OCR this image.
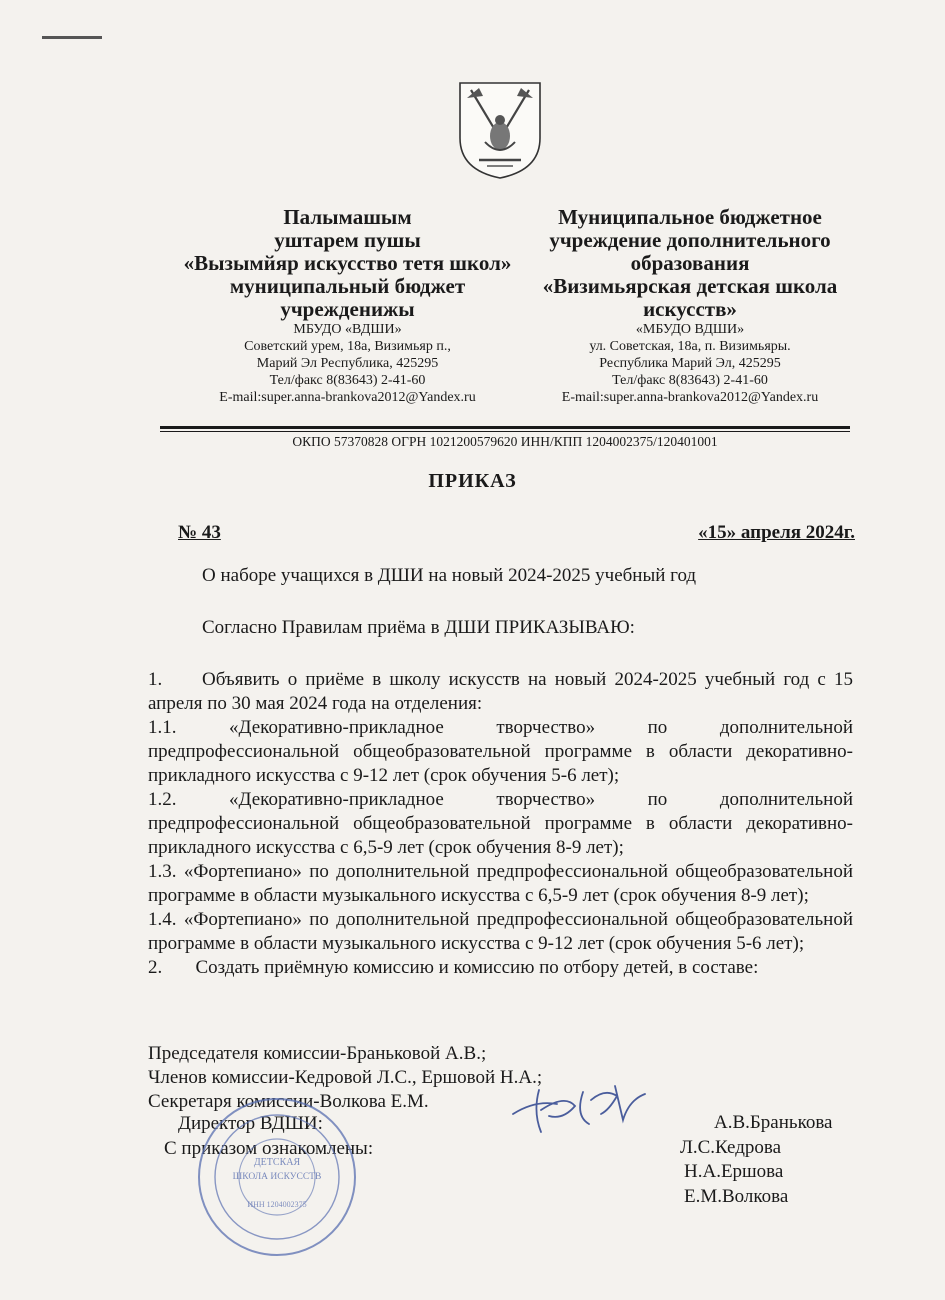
Палымашым

уштарем пушы

«Вызымйяр искусство тетя школ»

муниципальный бюджет

учрежденижы

МБУДО «ВДШИ»

Советский урем, 18а, Визимьяр п.,

Марий Эл Республика, 425295

Тел/факс 8(83643) 2-41-60

E-mail:super.anna-brankova2012@Yandex.ru

Муниципальное бюджетное

учреждение дополнительного

образования

«Визимьярская детская школа

искусств»

«МБУДО ВДШИ»

ул. Советская, 18а, п. Визимьяры.

Республика Марий Эл, 425295

Тел/факс 8(83643) 2-41-60

E-mail:super.anna-brankova2012@Yandex.ru

ОКПО 57370828 ОГРН 1021200579620 ИНН/КПП 1204002375/120401001
ПРИКАЗ
№ 43	«15» апреля 2024г.
О наборе учащихся в ДШИ на новый 2024-2025 учебный год
Согласно Правилам приёма в ДШИ ПРИКАЗЫВАЮ:

1. Объявить о приёме в школу искусств на новый 2024-2025 учебный год с 15 апреля по 30 мая 2024 года на отделения:

1.1. «Декоративно-прикладное творчество» по дополнительной предпрофессиональной общеобразовательной программе в области декоративно-прикладного искусства с 9-12 лет (срок обучения 5-6 лет);

1.2. «Декоративно-прикладное творчество» по дополнительной предпрофессиональной общеобразовательной программе в области декоративно-прикладного искусства с 6,5-9 лет (срок обучения 8-9 лет);

1.3. «Фортепиано» по дополнительной предпрофессиональной общеобразовательной программе в области музыкального искусства с 6,5-9 лет (срок обучения 8-9 лет);

1.4. «Фортепиано» по дополнительной предпрофессиональной общеобразовательной программе в области музыкального искусства с 9-12 лет (срок обучения 5-6 лет);

2.       Создать приёмную комиссию и комиссию по отбору детей, в составе:

Председателя комиссии-Браньковой А.В.;
Членов комисcии-Кедровой Л.С., Ершовой Н.А.;
Секретаря комиссии-Волкова Е.М.
Директор ВДШИ:
С приказом ознакомлены:
А.В.Бранькова
Л.С.Кедрова
Н.А.Ершова
Е.М.Волкова
ДЕТСКАЯ
ШКОЛА ИСКУССТВ
ИНН 1204002375
